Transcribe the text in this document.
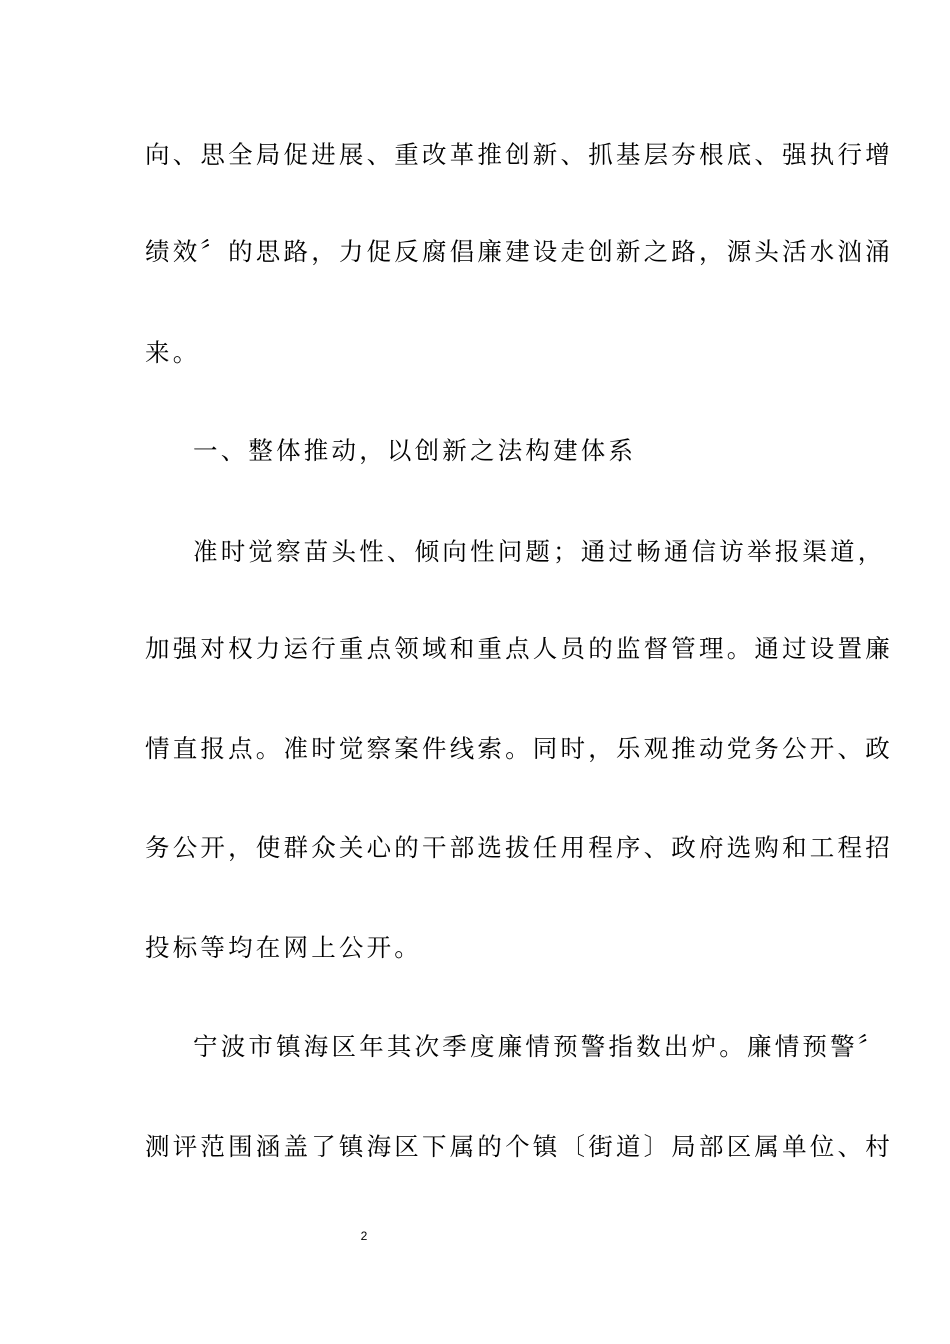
向、思全局促进展、重改革推创新、抓基层夯根底、强执行增
绩效〞的思路，力促反腐倡廉建设走创新之路，源头活水汹涌
来。
一、整体推动，以创新之法构建体系
准时觉察苗头性、倾向性问题；通过畅通信访举报渠道，
加强对权力运行重点领域和重点人员的监督管理。通过设置廉
情直报点。准时觉察案件线索。同时，乐观推动党务公开、政
务公开，使群众关心的干部选拔任用程序、政府选购和工程招
投标等均在网上公开。
宁波市镇海区年其次季度廉情预警指数出炉。廉情预警〞
测评范围涵盖了镇海区下属的个镇〔街道〕局部区属单位、村
2
